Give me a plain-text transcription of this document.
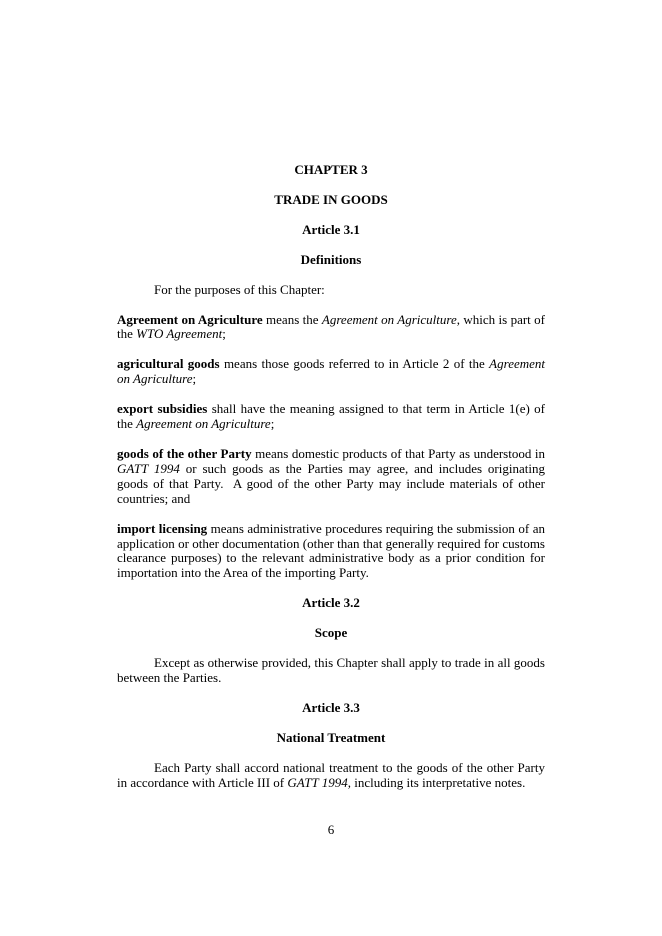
CHAPTER 3
TRADE IN GOODS
Article 3.1
Definitions

For the purposes of this Chapter:

Agreement on Agriculture means the Agreement on Agriculture, which is part of the WTO Agreement;

agricultural goods means those goods referred to in Article 2 of the Agreement on Agriculture;

export subsidies shall have the meaning assigned to that term in Article 1(e) of the Agreement on Agriculture;

goods of the other Party means domestic products of that Party as understood in GATT 1994 or such goods as the Parties may agree, and includes originating goods of that Party.  A good of the other Party may include materials of other countries; and

import licensing means administrative procedures requiring the submission of an application or other documentation (other than that generally required for customs clearance purposes) to the relevant administrative body as a prior condition for importation into the Area of the importing Party.

Article 3.2
Scope

Except as otherwise provided, this Chapter shall apply to trade in all goods between the Parties.

Article 3.3
National Treatment

Each Party shall accord national treatment to the goods of the other Party in accordance with Article III of GATT 1994, including its interpretative notes.

6
